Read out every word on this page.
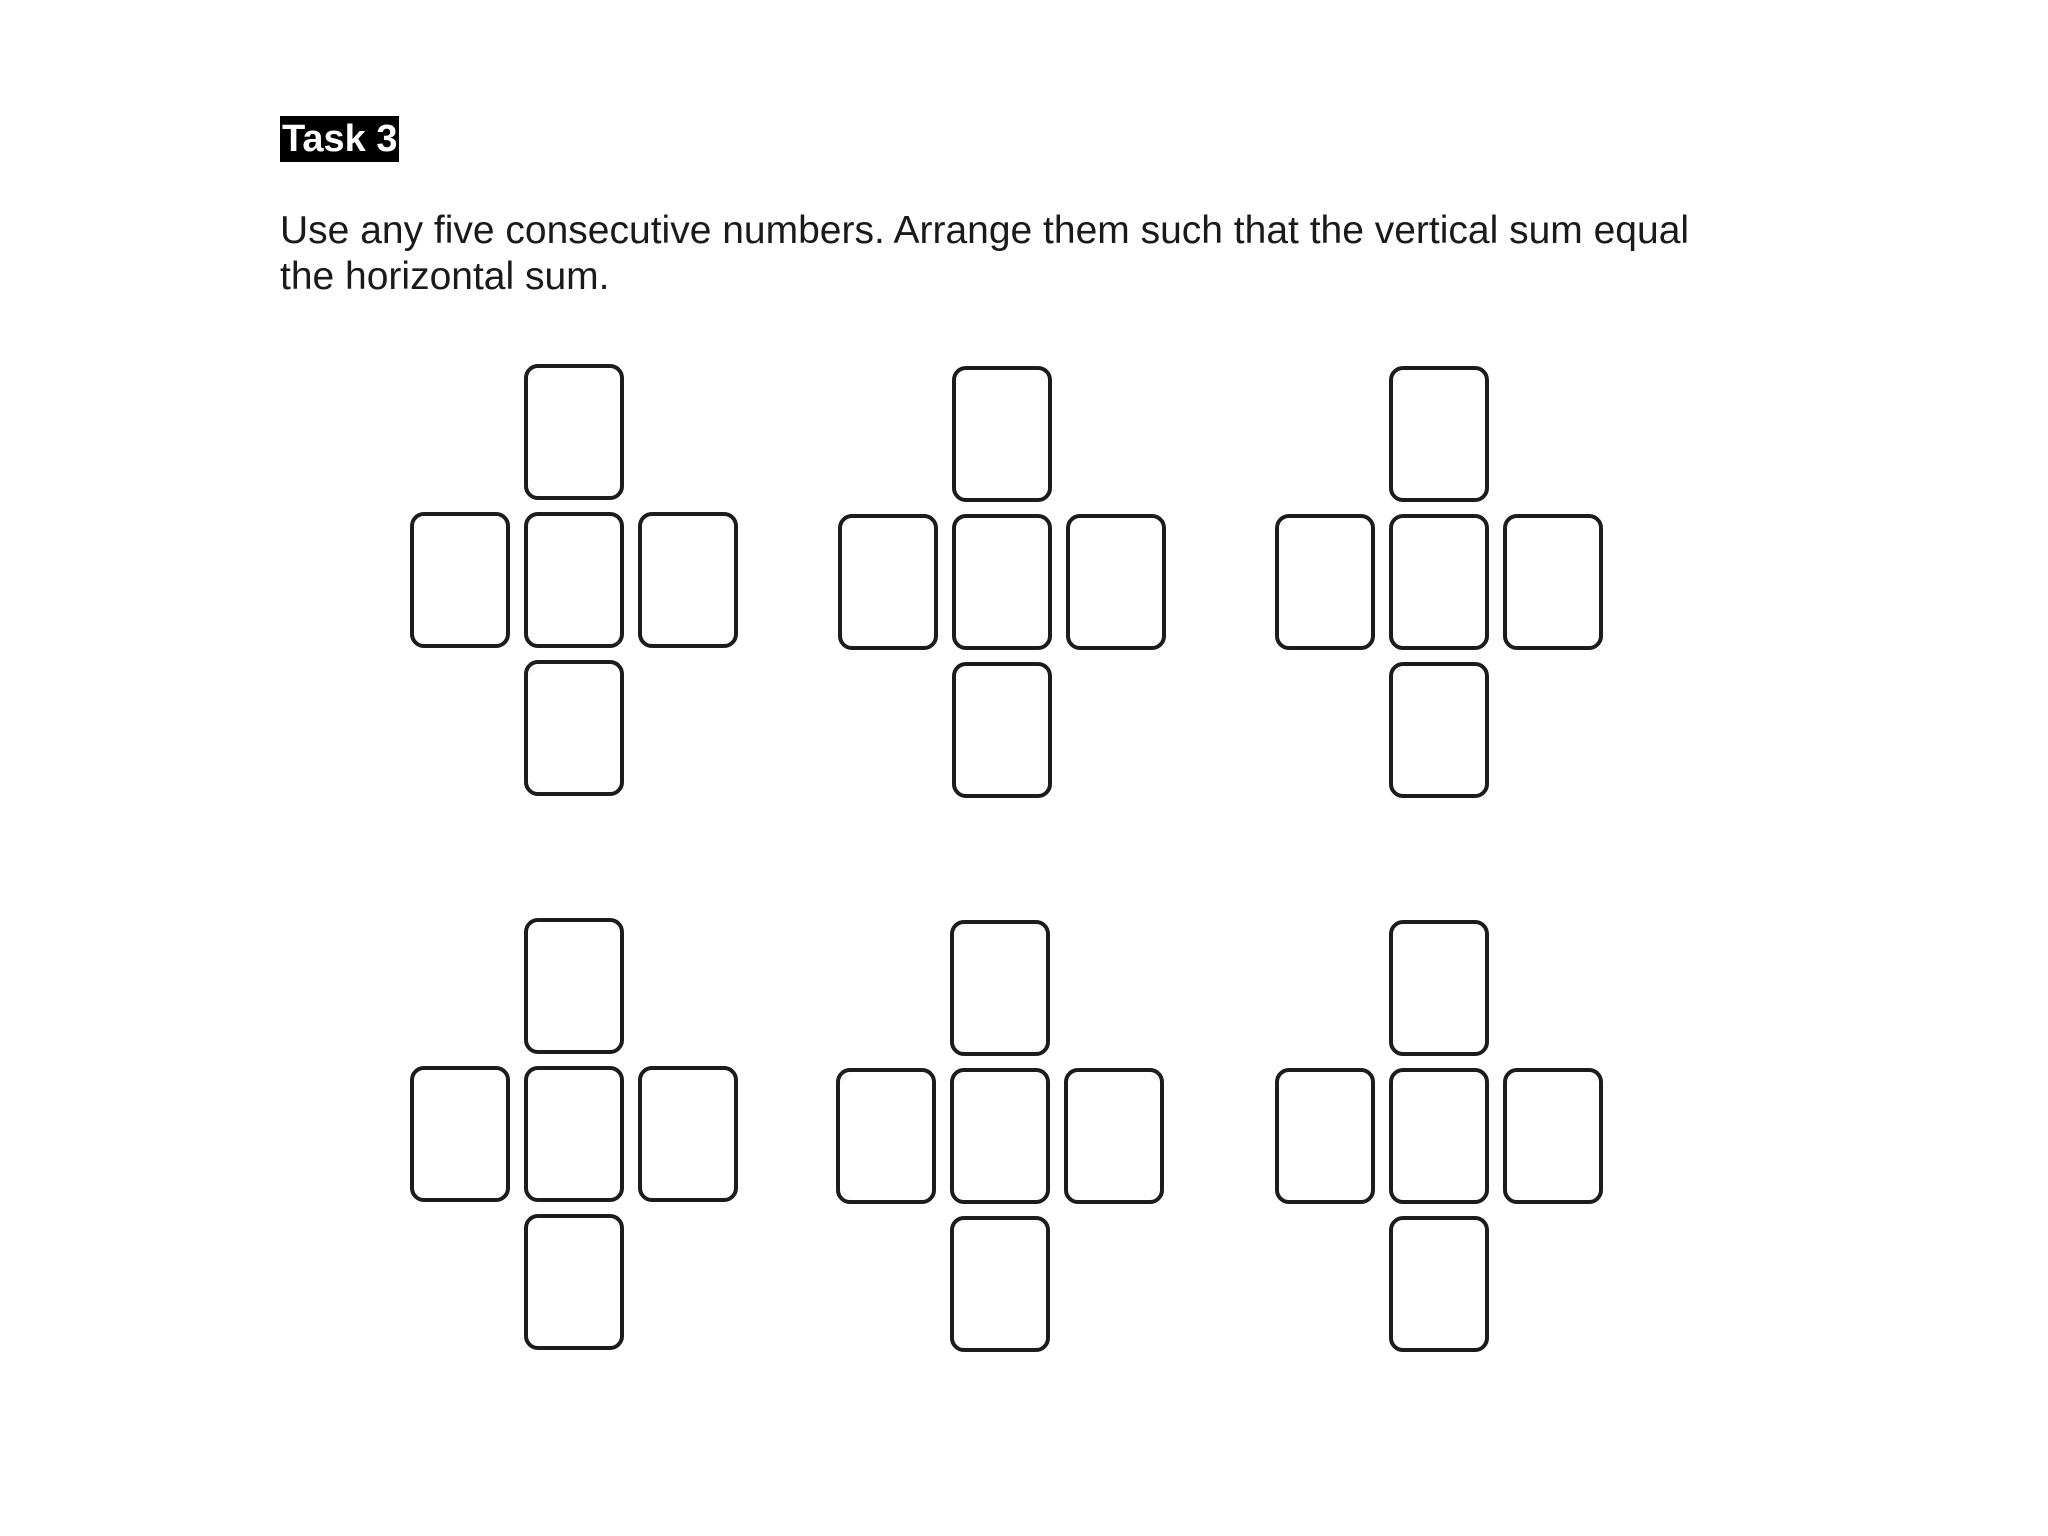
Task 3
Use any five consecutive numbers. Arrange them such that the vertical sum equal
the horizontal sum.
